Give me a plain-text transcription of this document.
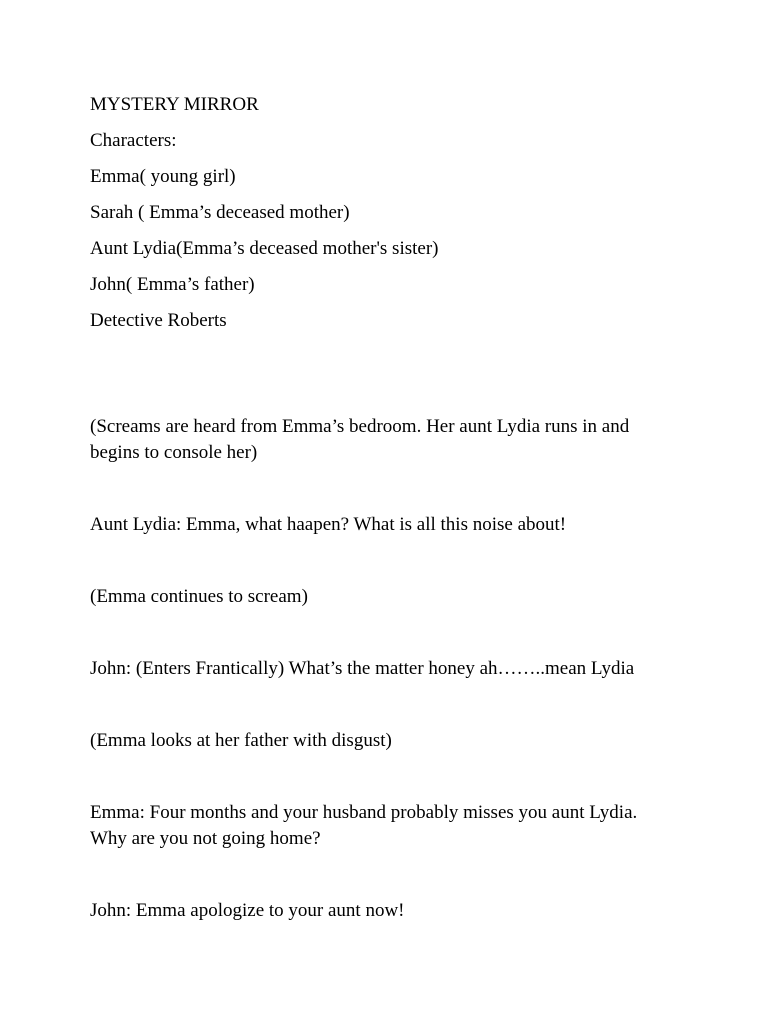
MYSTERY MIRROR

Characters:

Emma( young girl)

Sarah ( Emma’s deceased mother)

Aunt Lydia(Emma’s deceased mother's sister)

John( Emma’s father)

Detective Roberts

(Screams are heard from Emma’s bedroom. Her aunt Lydia runs in and

begins to console her)

Aunt Lydia: Emma, what haapen? What is all this noise about!

(Emma continues to scream)

John: (Enters Frantically) What’s the matter honey ah……..mean Lydia

(Emma looks at her father with disgust)

Emma: Four months and your husband probably misses you aunt Lydia.

Why are you not going home?

John: Emma apologize to your aunt now!
